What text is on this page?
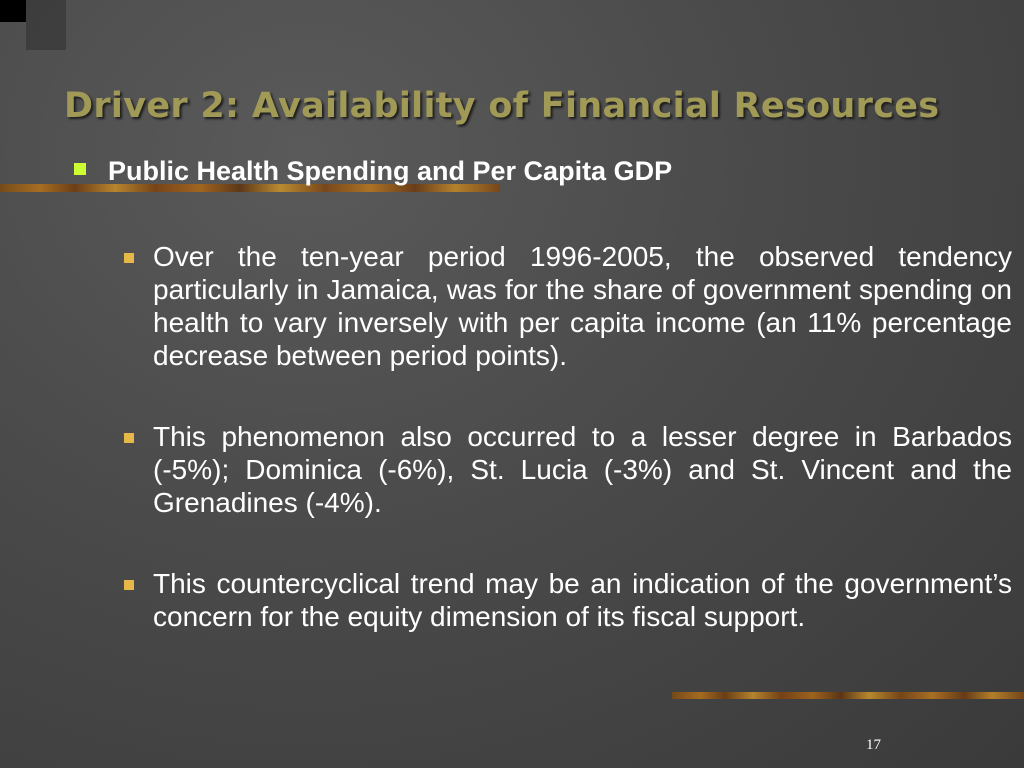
Driver 2: Availability of Financial Resources
Public Health Spending and Per Capita GDP
Over the ten-year period 1996-2005, the observed tendency particularly in Jamaica, was for the share of government spending on health to vary inversely with per capita income (an 11% percentage decrease between period points).
This phenomenon also occurred to a lesser degree in Barbados (-5%); Dominica (-6%), St. Lucia (-3%) and St. Vincent and the Grenadines (-4%).
This countercyclical trend may be an indication of the government’s concern for the equity dimension of its fiscal support.
17
